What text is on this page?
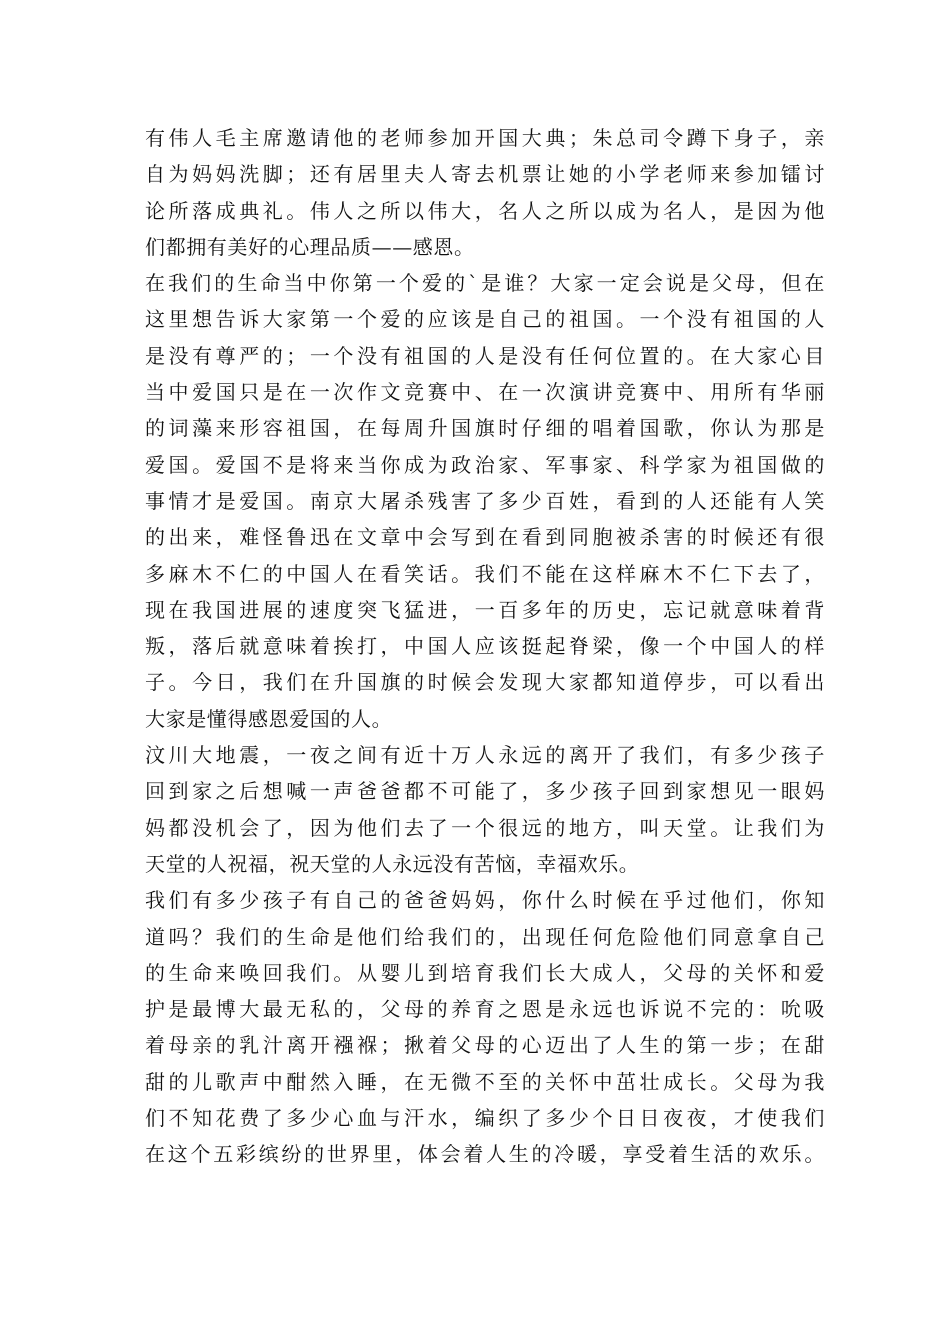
有伟人毛主席邀请他的老师参加开国大典；朱总司令蹲下身子，亲
自为妈妈洗脚；还有居里夫人寄去机票让她的小学老师来参加镭讨
论所落成典礼。伟人之所以伟大，名人之所以成为名人，是因为他
们都拥有美好的心理品质——感恩。
在我们的生命当中你第一个爱的`是谁？大家一定会说是父母，但在
这里想告诉大家第一个爱的应该是自己的祖国。一个没有祖国的人
是没有尊严的；一个没有祖国的人是没有任何位置的。在大家心目
当中爱国只是在一次作文竞赛中、在一次演讲竞赛中、用所有华丽
的词藻来形容祖国，在每周升国旗时仔细的唱着国歌，你认为那是
爱国。爱国不是将来当你成为政治家、军事家、科学家为祖国做的
事情才是爱国。南京大屠杀残害了多少百姓，看到的人还能有人笑
的出来，难怪鲁迅在文章中会写到在看到同胞被杀害的时候还有很
多麻木不仁的中国人在看笑话。我们不能在这样麻木不仁下去了，
现在我国进展的速度突飞猛进，一百多年的历史，忘记就意味着背
叛，落后就意味着挨打，中国人应该挺起脊梁，像一个中国人的样
子。今日，我们在升国旗的时候会发现大家都知道停步，可以看出
大家是懂得感恩爱国的人。
汶川大地震，一夜之间有近十万人永远的离开了我们，有多少孩子
回到家之后想喊一声爸爸都不可能了，多少孩子回到家想见一眼妈
妈都没机会了，因为他们去了一个很远的地方，叫天堂。让我们为
天堂的人祝福，祝天堂的人永远没有苦恼，幸福欢乐。
我们有多少孩子有自己的爸爸妈妈，你什么时候在乎过他们，你知
道吗？我们的生命是他们给我们的，出现任何危险他们同意拿自己
的生命来唤回我们。从婴儿到培育我们长大成人，父母的关怀和爱
护是最博大最无私的，父母的养育之恩是永远也诉说不完的：吮吸
着母亲的乳汁离开襁褓；揪着父母的心迈出了人生的第一步；在甜
甜的儿歌声中酣然入睡，在无微不至的关怀中茁壮成长。父母为我
们不知花费了多少心血与汗水，编织了多少个日日夜夜，才使我们
在这个五彩缤纷的世界里，体会着人生的冷暖，享受着生活的欢乐。
